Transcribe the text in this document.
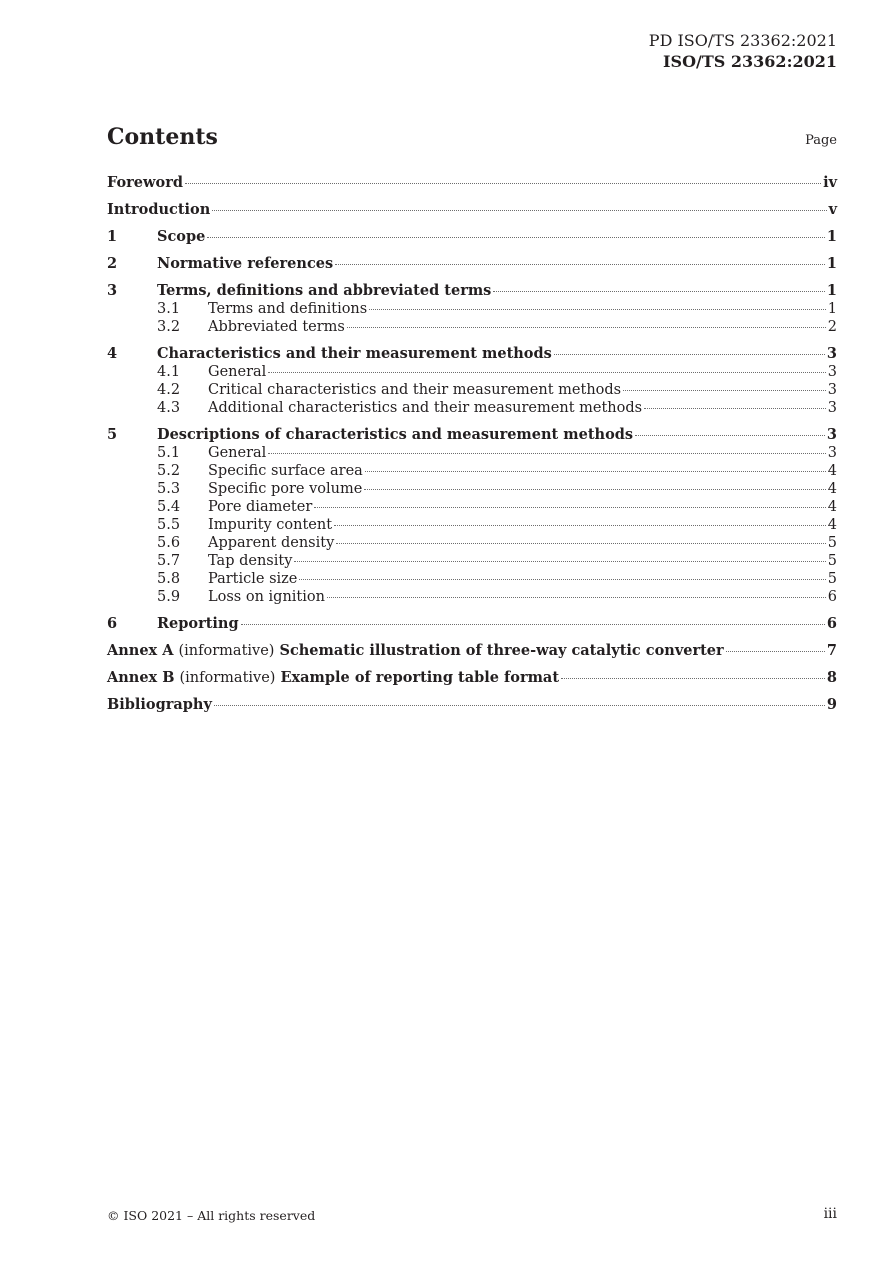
PD ISO/TS 23362:2021
ISO/TS 23362:2021
Contents	Page
Foreword	iv
Introduction	v
1	Scope	1
2	Normative references	1
3	Terms, definitions and abbreviated terms	1
3.1	Terms and definitions	1
3.2	Abbreviated terms	2
4	Characteristics and their measurement methods	3
4.1	General	3
4.2	Critical characteristics and their measurement methods	3
4.3	Additional characteristics and their measurement methods	3
5	Descriptions of characteristics and measurement methods	3
5.1	General	3
5.2	Specific surface area	4
5.3	Specific pore volume	4
5.4	Pore diameter	4
5.5	Impurity content	4
5.6	Apparent density	5
5.7	Tap density	5
5.8	Particle size	5
5.9	Loss on ignition	6
6	Reporting	6
Annex A (informative) Schematic illustration of three-way catalytic converter	7
Annex B (informative) Example of reporting table format	8
Bibliography	9
© ISO 2021 – All rights reserved	iii
